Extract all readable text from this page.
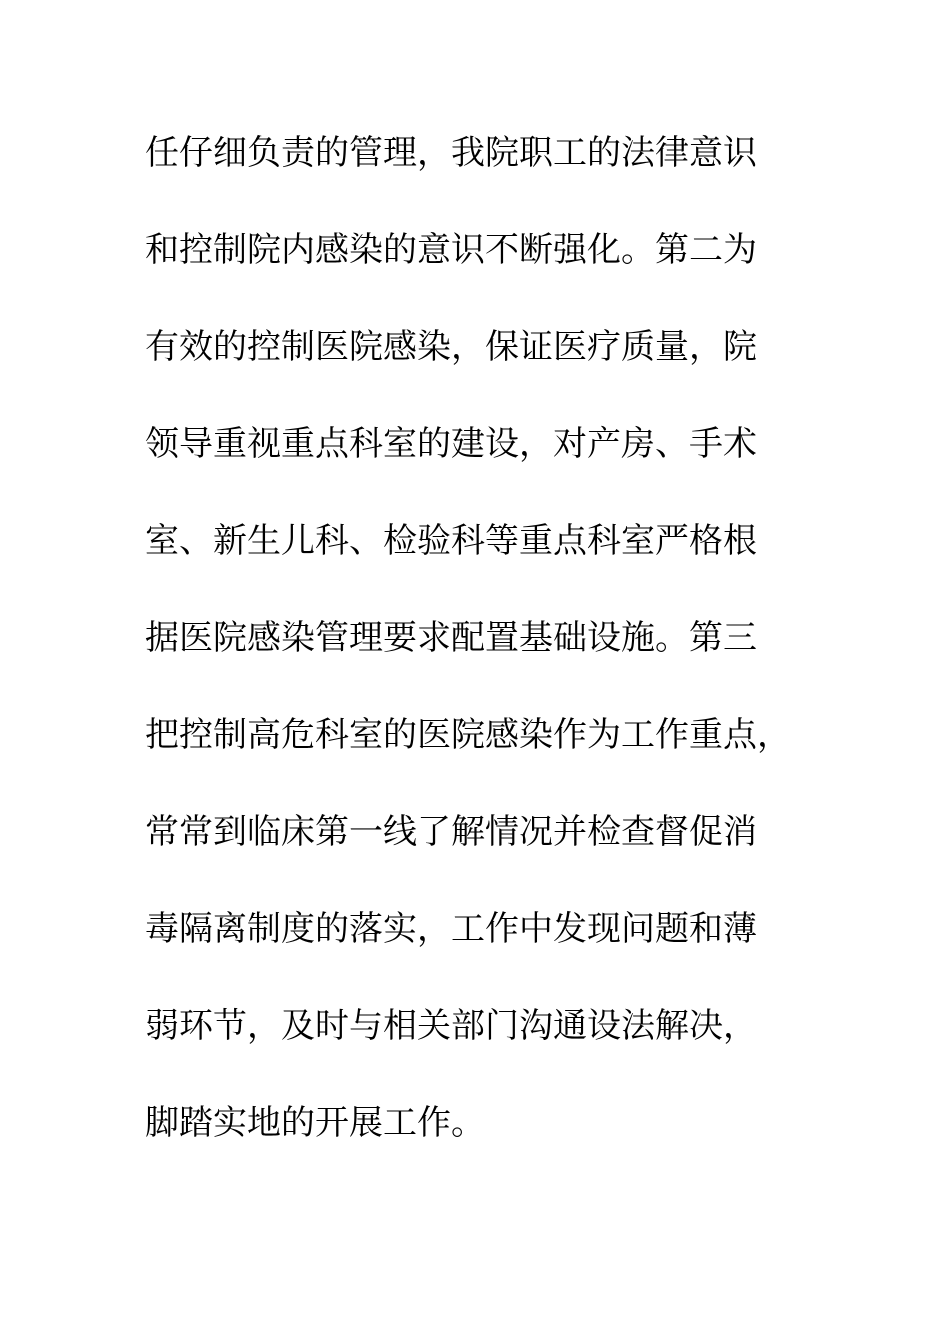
任仔细负责的管理，我院职工的法律意识
和控制院内感染的意识不断强化。第二为
有效的控制医院感染，保证医疗质量，院
领导重视重点科室的建设，对产房、手术
室、新生儿科、检验科等重点科室严格根
据医院感染管理要求配置基础设施。第三
把控制高危科室的医院感染作为工作重点，
常常到临床第一线了解情况并检查督促消
毒隔离制度的落实，工作中发现问题和薄
弱环节，及时与相关部门沟通设法解决，
脚踏实地的开展工作。
